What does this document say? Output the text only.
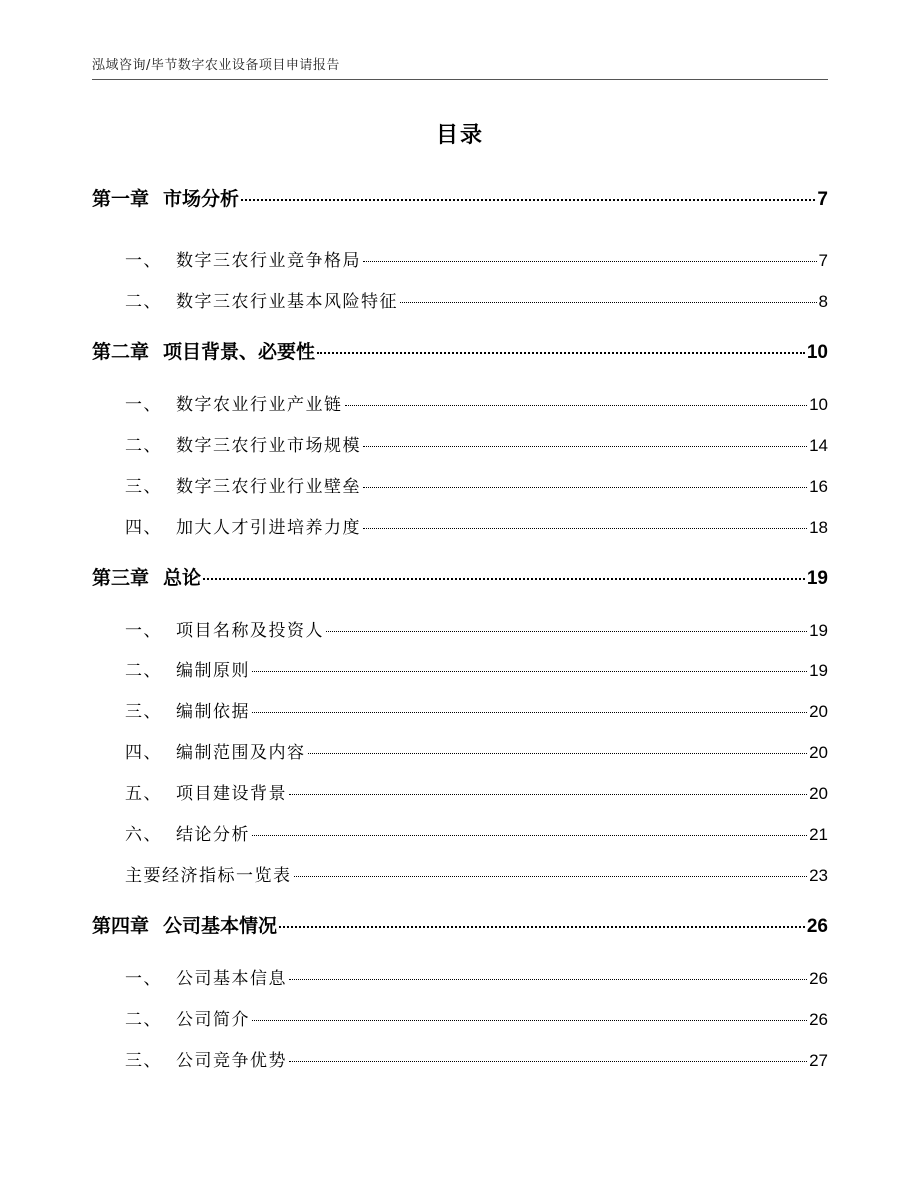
泓域咨询/毕节数字农业设备项目申请报告
目录
第一章 市场分析	7
一、 数字三农行业竞争格局	7
二、 数字三农行业基本风险特征	8
第二章 项目背景、必要性	10
一、 数字农业行业产业链	10
二、 数字三农行业市场规模	14
三、 数字三农行业行业壁垒	16
四、 加大人才引进培养力度	18
第三章 总论	19
一、 项目名称及投资人	19
二、 编制原则	19
三、 编制依据	20
四、 编制范围及内容	20
五、 项目建设背景	20
六、 结论分析	21
主要经济指标一览表	23
第四章 公司基本情况	26
一、 公司基本信息	26
二、 公司简介	26
三、 公司竞争优势	27
